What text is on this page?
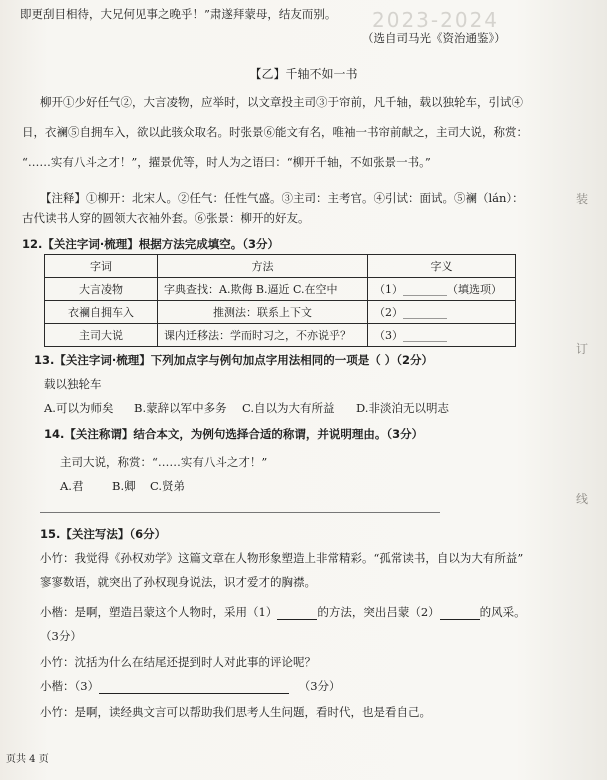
2023-2024
装
订
线
即更刮目相待，大兄何见事之晚乎！”肃遂拜蒙母，结友而别。
（选自司马光《资治通鉴》）
【乙】千轴不如一书
柳开①少好任气②，大言凌物，应举时，以文章投主司③于帘前，凡千轴，载以独轮车，引试④
日，衣襕⑤自拥车入，欲以此骇众取名。时张景⑥能文有名，唯袖一书帘前献之，主司大说，称赏：
“……实有八斗之才！”，擢景优等，时人为之语曰：“柳开千轴，不如张景一书。”
【注释】①柳开：北宋人。②任气：任性气盛。③主司：主考官。④引试：面试。⑤襕（lán）：
古代读书人穿的圆领大衣袖外套。⑥张景：柳开的好友。
12.【关注字词·梳理】根据方法完成填空。（3分）
字词	方法	字义
大言凌物	字典查找：A.欺侮 B.逼近 C.在空中	（1）________（填选项）
衣襕自拥车入	推测法：联系上下文	（2）________
主司大说	课内迁移法：学而时习之，不亦说乎？	（3）________
13.【关注字词·梳理】下列加点字与例句加点字用法相同的一项是（ ）（2分）
载以独轮车
A.可以为师矣 B.蒙辞以军中多务 C.自以为大有所益 D.非淡泊无以明志
14.【关注称谓】结合本文，为例句选择合适的称谓，并说明理由。（3分）
主司大说，称赏：“……实有八斗之才！”
A.君 B.卿 C.贤弟
15.【关注写法】（6分）
小竹：我觉得《孙权劝学》这篇文章在人物形象塑造上非常精彩。“孤常读书，自以为大有所益”
寥寥数语，就突出了孙权现身说法，识才爱才的胸襟。
小楷：是啊，塑造吕蒙这个人物时，采用（1）	的方法，突出吕蒙（2）	的风采。
（3分）
小竹：沈括为什么在结尾还提到时人对此事的评论呢？
小楷：（3）	（3分）
小竹：是啊，读经典文言可以帮助我们思考人生问题，看时代，也是看自己。
页共 4 页
